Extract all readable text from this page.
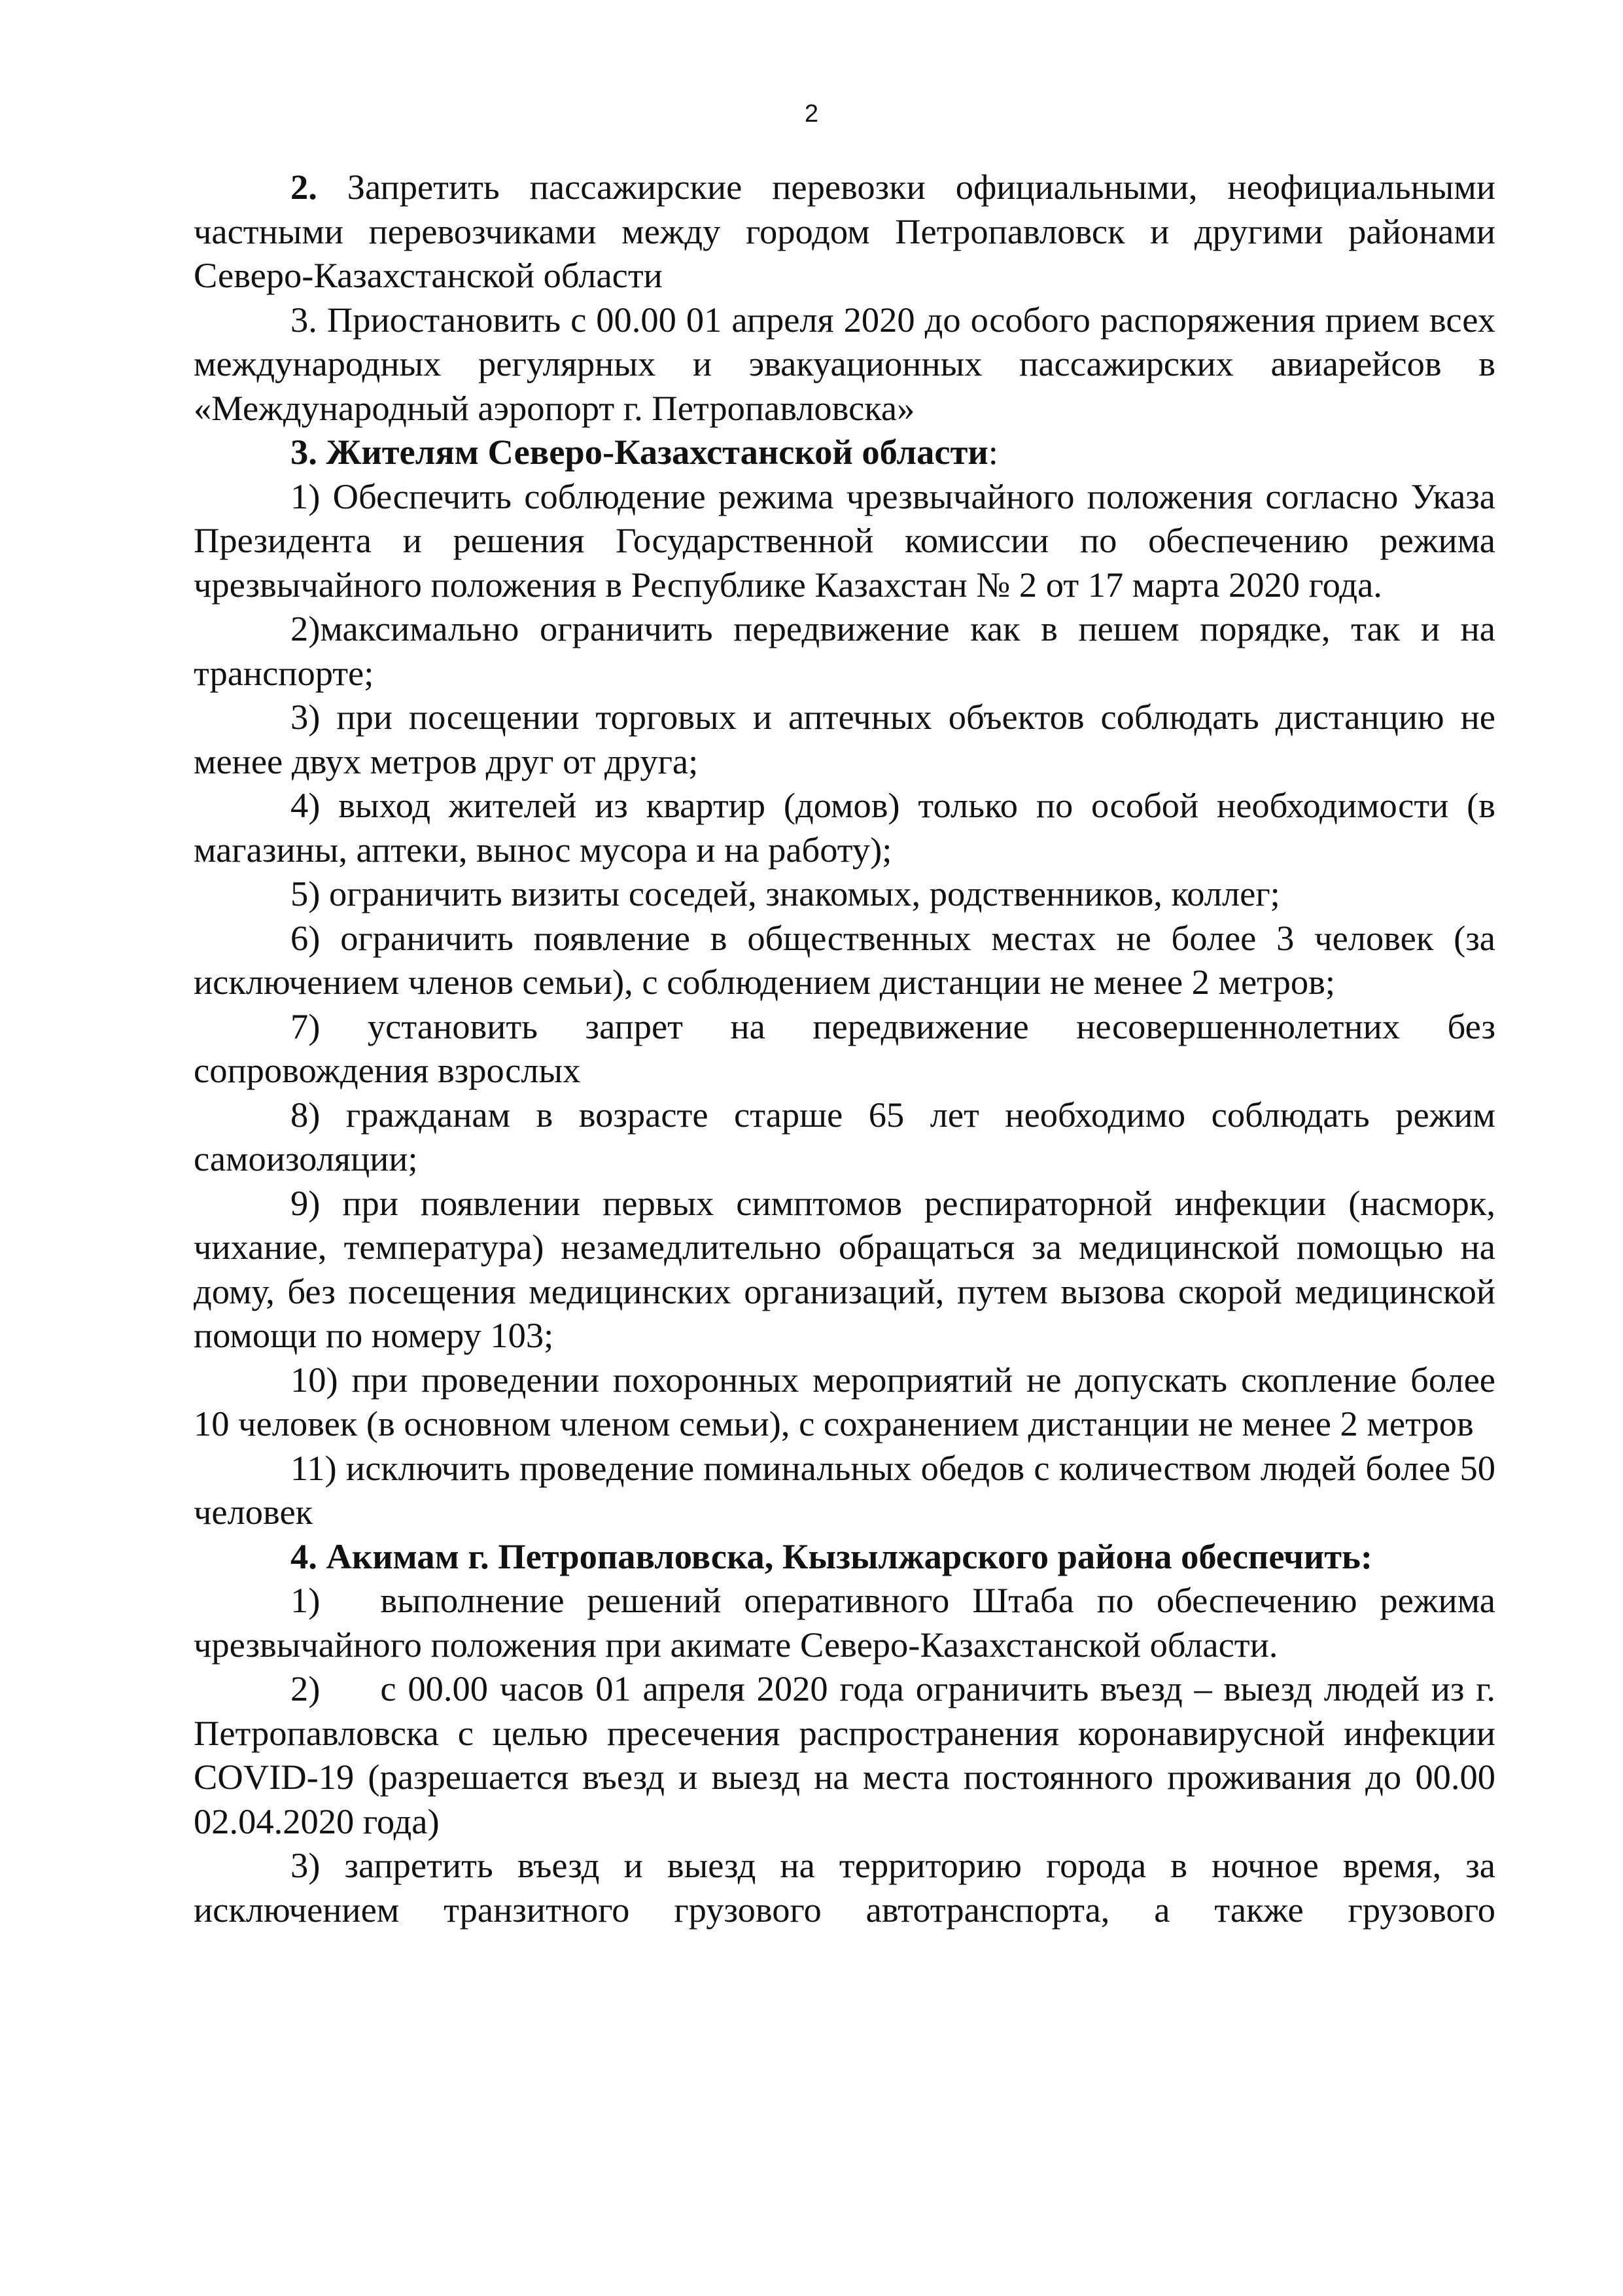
2

2. Запретить пассажирские перевозки официальными, неофициальными частными перевозчиками между городом Петропавловск и другими районами Северо-Казахстанской области

3. Приостановить с 00.00 01 апреля 2020 до особого распоряжения прием всех международных регулярных и эвакуационных пассажирских авиарейсов в «Международный аэропорт г. Петропавловска»

3. Жителям Северо-Казахстанской области:

1) Обеспечить соблюдение режима чрезвычайного положения согласно Указа Президента и решения Государственной комиссии по обеспечению режима чрезвычайного положения в Республике Казахстан № 2 от 17 марта 2020 года.

2)максимально ограничить передвижение как в пешем порядке, так и на транспорте;

3) при посещении торговых и аптечных объектов соблюдать дистанцию не менее двух метров друг от друга;

4) выход жителей из квартир (домов) только по особой необходимости (в магазины, аптеки, вынос мусора и на работу);

5) ограничить визиты соседей, знакомых, родственников, коллег;

6) ограничить появление в общественных местах не более 3 человек (за исключением членов семьи), с соблюдением дистанции не менее 2 метров;

7) установить запрет на передвижение несовершеннолетних без сопровождения взрослых

8) гражданам в возрасте старше 65 лет необходимо соблюдать режим самоизоляции;

9) при появлении первых симптомов респираторной инфекции (насморк, чихание, температура) незамедлительно обращаться за медицинской помощью на дому, без посещения медицинских организаций, путем вызова скорой медицинской помощи по номеру 103;

10) при проведении похоронных мероприятий не допускать скопление более 10 человек (в основном членом семьи), с сохранением дистанции не менее 2 метров

11) исключить проведение поминальных обедов с количеством людей более 50 человек

4. Акимам г. Петропавловска, Кызылжарского района обеспечить:

1) выполнение решений оперативного Штаба по обеспечению режима чрезвычайного положения при акимате Северо-Казахстанской области.

2) с 00.00 часов 01 апреля 2020 года ограничить въезд – выезд людей из г. Петропавловска с целью пресечения распространения коронавирусной инфекции COVID-19 (разрешается въезд и выезд на места постоянного проживания до 00.00 02.04.2020 года)

3) запретить въезд и выезд на территорию города в ночное время, за исключением транзитного грузового автотранспорта, а также грузового
